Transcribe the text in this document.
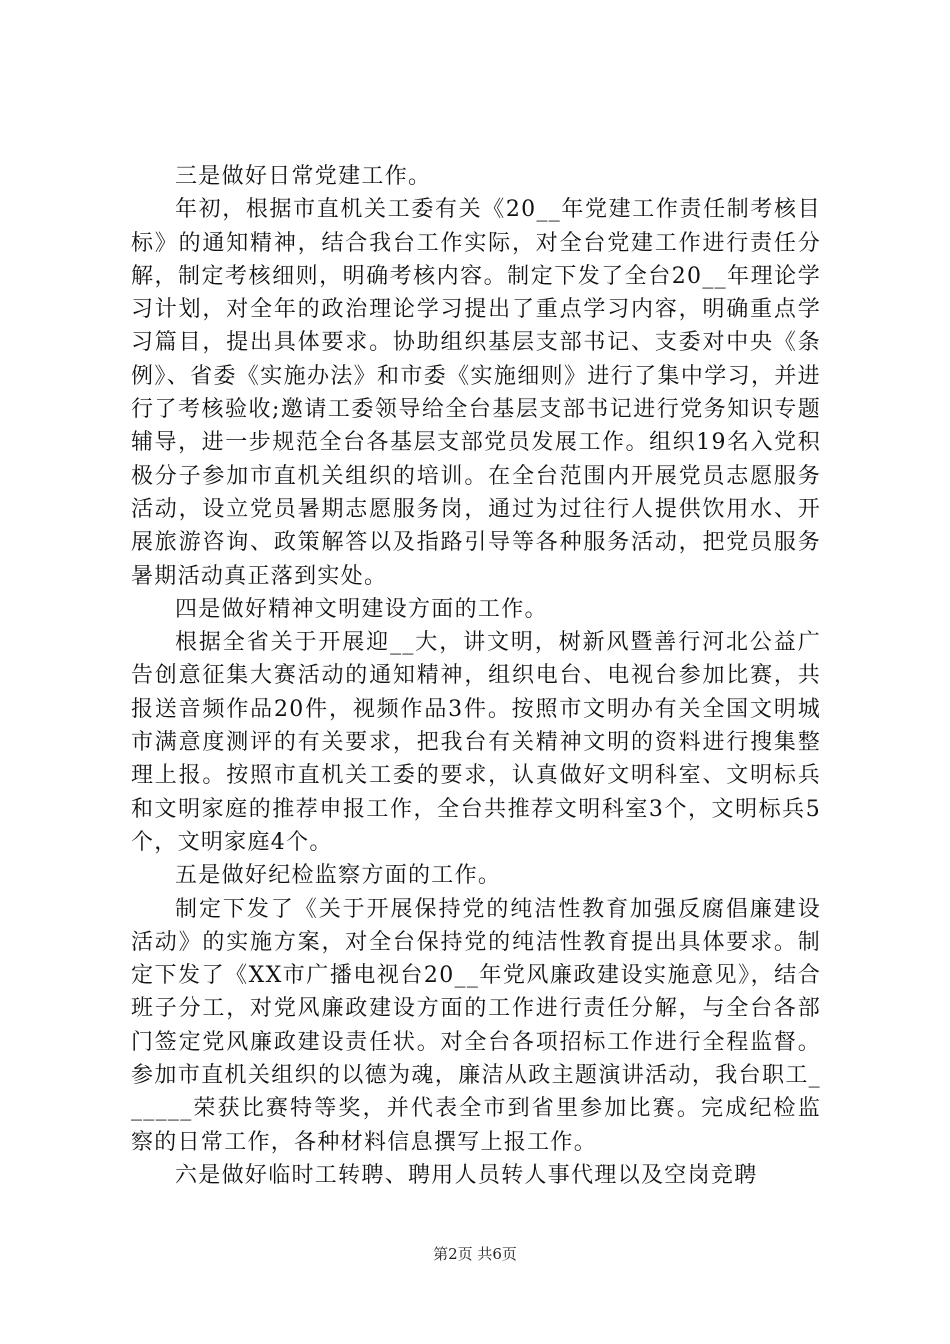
三是做好日常党建工作。

年初，根据市直机关工委有关《20__年党建工作责任制考核目标》的通知精神，结合我台工作实际，对全台党建工作进行责任分解，制定考核细则，明确考核内容。制定下发了全台20__年理论学习计划，对全年的政治理论学习提出了重点学习内容，明确重点学习篇目，提出具体要求。协助组织基层支部书记、支委对中央《条例》、省委《实施办法》和市委《实施细则》进行了集中学习，并进行了考核验收;邀请工委领导给全台基层支部书记进行党务知识专题辅导，进一步规范全台各基层支部党员发展工作。组织19名入党积极分子参加市直机关组织的培训。在全台范围内开展党员志愿服务活动，设立党员暑期志愿服务岗，通过为过往行人提供饮用水、开展旅游咨询、政策解答以及指路引导等各种服务活动，把党员服务暑期活动真正落到实处。

四是做好精神文明建设方面的工作。

根据全省关于开展迎__大，讲文明，树新风暨善行河北公益广告创意征集大赛活动的通知精神，组织电台、电视台参加比赛，共报送音频作品20件，视频作品3件。按照市文明办有关全国文明城市满意度测评的有关要求，把我台有关精神文明的资料进行搜集整理上报。按照市直机关工委的要求，认真做好文明科室、文明标兵和文明家庭的推荐申报工作，全台共推荐文明科室3个，文明标兵5个，文明家庭4个。

五是做好纪检监察方面的工作。

制定下发了《关于开展保持党的纯洁性教育加强反腐倡廉建设活动》的实施方案，对全台保持党的纯洁性教育提出具体要求。制定下发了《XX市广播电视台20__年党风廉政建设实施意见》，结合班子分工，对党风廉政建设方面的工作进行责任分解，与全台各部门签定党风廉政建设责任状。对全台各项招标工作进行全程监督。参加市直机关组织的以德为魂，廉洁从政主题演讲活动，我台职工______荣获比赛特等奖，并代表全市到省里参加比赛。完成纪检监察的日常工作，各种材料信息撰写上报工作。

六是做好临时工转聘、聘用人员转人事代理以及空岗竞聘

第2页 共6页
